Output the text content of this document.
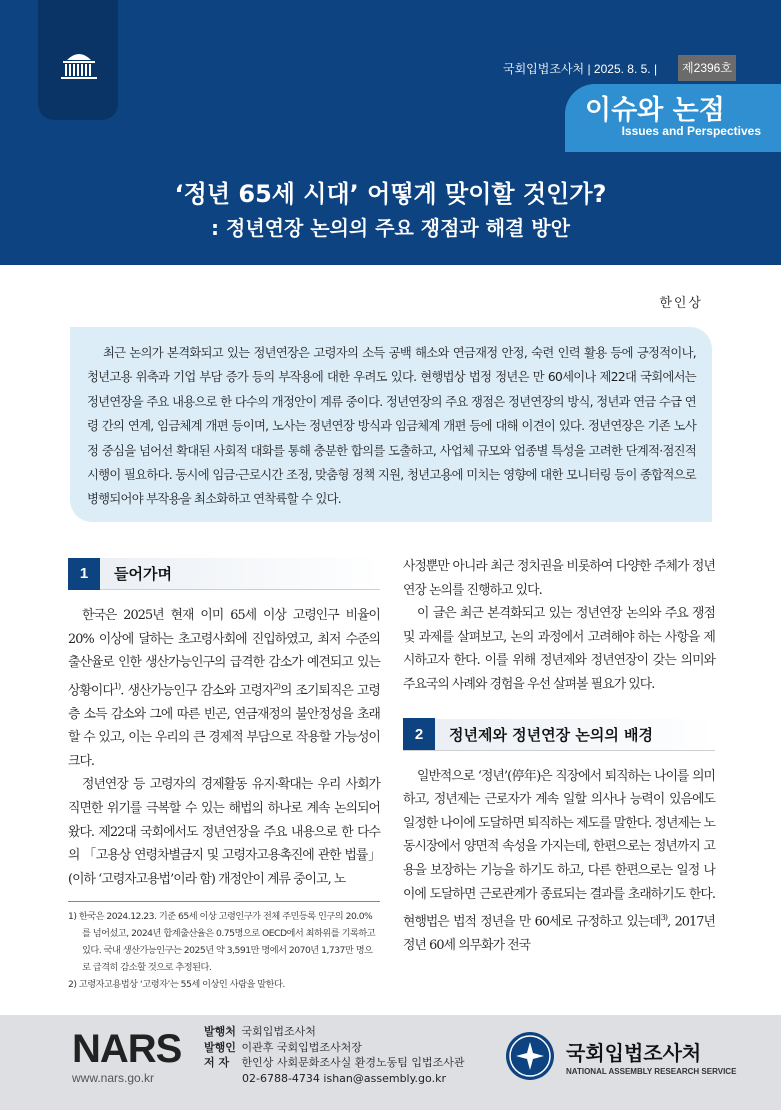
국회입법조사처 | 2025. 8. 5. |	제2396호
이슈와 논점
Issues and Perspectives
‘정년 65세 시대’ 어떻게 맞이할 것인가?
: 정년연장 논의의 주요 쟁점과 해결 방안
한인상

최근 논의가 본격화되고 있는 정년연장은 고령자의 소득 공백 해소와 연금재정 안정, 숙련 인력 활용 등에 긍정적이나, 청년고용 위축과 기업 부담 증가 등의 부작용에 대한 우려도 있다. 현행법상 법정 정년은 만 60세이나 제22대 국회에서는 정년연장을 주요 내용으로 한 다수의 개정안이 계류 중이다. 정년연장의 주요 쟁점은 정년연장의 방식, 정년과 연금 수급 연령 간의 연계, 임금체계 개편 등이며, 노사는 정년연장 방식과 임금체계 개편 등에 대해 이견이 있다. 정년연장은 기존 노사정 중심을 넘어선 확대된 사회적 대화를 통해 충분한 합의를 도출하고, 사업체 규모와 업종별 특성을 고려한 단계적·점진적 시행이 필요하다. 동시에 임금·근로시간 조정, 맞춤형 정책 지원, 청년고용에 미치는 영향에 대한 모니터링 등이 종합적으로 병행되어야 부작용을 최소화하고 연착륙할 수 있다.

1	들어가며

한국은 2025년 현재 이미 65세 이상 고령인구 비율이 20% 이상에 달하는 초고령사회에 진입하였고, 최저 수준의 출산율로 인한 생산가능인구의 급격한 감소가 예견되고 있는 상황이다$^{1)}$. 생산가능인구 감소와 고령자$^{2)}$의 조기퇴직은 고령층 소득 감소와 그에 따른 빈곤, 연금재정의 불안정성을 초래할 수 있고, 이는 우리의 큰 경제적 부담으로 작용할 가능성이 크다.

정년연장 등 고령자의 경제활동 유지·확대는 우리 사회가 직면한 위기를 극복할 수 있는 해법의 하나로 계속 논의되어 왔다. 제22대 국회에서도 정년연장을 주요 내용으로 한 다수의 「고용상 연령차별금지 및 고령자고용촉진에 관한 법률」(이하 ‘고령자고용법’이라 함) 개정안이 계류 중이고, 노

1) 한국은 2024.12.23. 기준 65세 이상 고령인구가 전체 주민등록 인구의 20.0%를 넘어섰고, 2024년 합계출산율은 0.75명으로 OECD에서 최하위를 기록하고 있다. 국내 생산가능인구는 2025년 약 3,591만 명에서 2070년 1,737만 명으로 급격히 감소할 것으로 추정된다.
2) 고령자고용법상 ‘고령자’는 55세 이상인 사람을 말한다.

사정뿐만 아니라 최근 정치권을 비롯하여 다양한 주체가 정년연장 논의를 진행하고 있다.

이 글은 최근 본격화되고 있는 정년연장 논의와 주요 쟁점 및 과제를 살펴보고, 논의 과정에서 고려해야 하는 사항을 제시하고자 한다. 이를 위해 정년제와 정년연장이 갖는 의미와 주요국의 사례와 경험을 우선 살펴볼 필요가 있다.

2	정년제와 정년연장 논의의 배경

일반적으로 ‘정년’(停年)은 직장에서 퇴직하는 나이를 의미하고, 정년제는 근로자가 계속 일할 의사나 능력이 있음에도 일정한 나이에 도달하면 퇴직하는 제도를 말한다. 정년제는 노동시장에서 양면적 속성을 가지는데, 한편으로는 정년까지 고용을 보장하는 기능을 하기도 하고, 다른 한편으로는 일정 나이에 도달하면 근로관계가 종료되는 결과를 초래하기도 한다. 현행법은 법적 정년을 만 60세로 규정하고 있는데$^{3)}$, 2017년 정년 60세 의무화가 전국

NARS
www.nars.go.kr
발행처 국회입법조사처
발행인 이관후 국회입법조사처장
저 자 한인상 사회문화조사실 환경노동팀 입법조사관
02-6788-4734 ishan@assembly.go.kr
국회입법조사처
NATIONAL ASSEMBLY RESEARCH SERVICE
